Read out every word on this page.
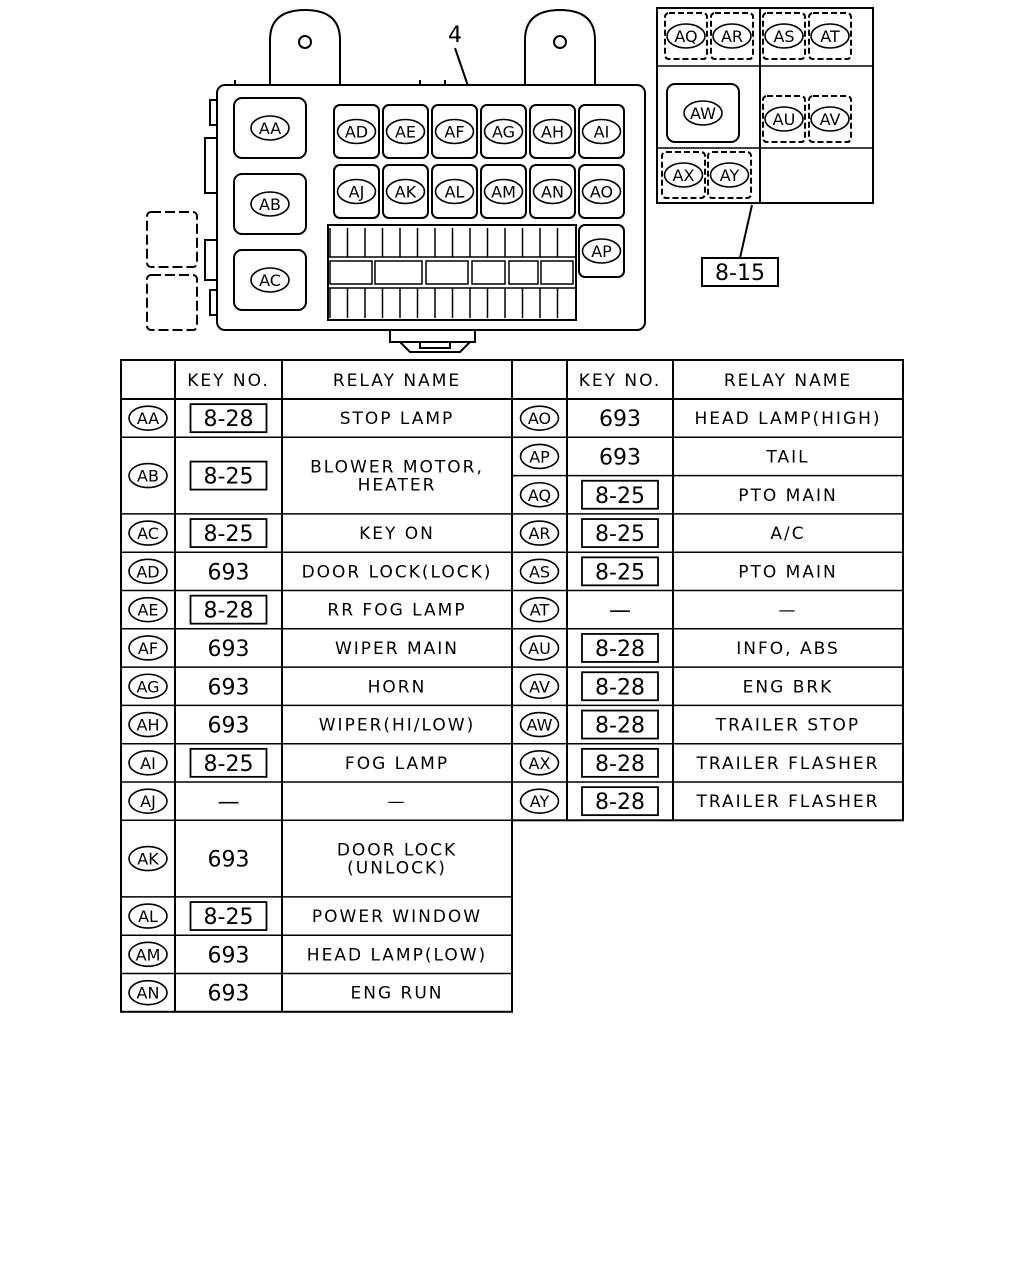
4
AA
AB
AC
AD AE AF AG AH AI
AJ AK AL AM AN AO
AP
AQ AR AS AT
AW	AU AV
AX AY
8-15
KEY NO.	RELAY NAME
AA 8-28	STOP LAMP
AB 8-25	BLOWER MOTOR,
HEATER
AC 8-25	KEY ON
AD 693	DOOR LOCK(LOCK)
AE 8-28	RR FOG LAMP
AF 693	WIPER MAIN
AG 693	HORN
AH 693	WIPER(HI/LOW)
AI 8-25	FOG LAMP
AJ	—	—
AK 693	DOOR LOCK
(UNLOCK)
AL 8-25	POWER WINDOW
AM 693	HEAD LAMP(LOW)
AN 693	ENG RUN
KEY NO.	RELAY NAME
AO 693	HEAD LAMP(HIGH)
AP 693	TAIL
AQ 8-25	PTO MAIN
AR 8-25	A/C
AS 8-25	PTO MAIN
AT	—	—
AU 8-28	INFO, ABS
AV 8-28	ENG BRK
AW 8-28	TRAILER STOP
AX 8-28	TRAILER FLASHER
AY 8-28	TRAILER FLASHER
